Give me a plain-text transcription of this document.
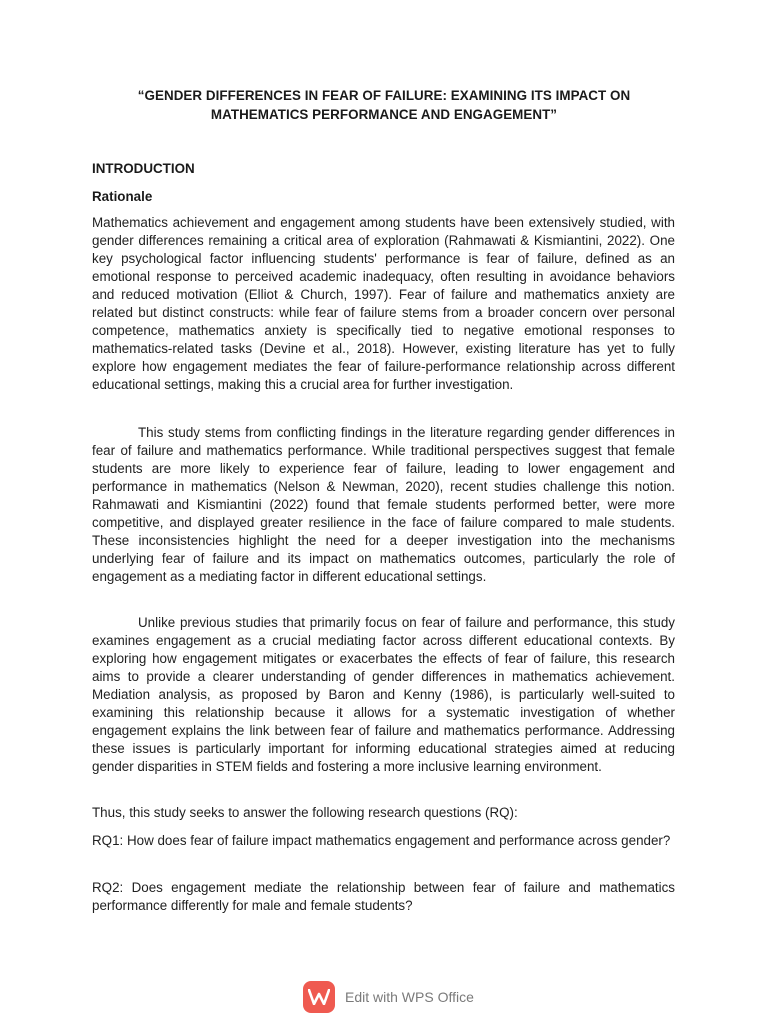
“GENDER DIFFERENCES IN FEAR OF FAILURE: EXAMINING ITS IMPACT ON MATHEMATICS PERFORMANCE AND ENGAGEMENT”
INTRODUCTION
Rationale

Mathematics achievement and engagement among students have been extensively studied, with gender differences remaining a critical area of exploration (Rahmawati & Kismiantini, 2022). One key psychological factor influencing students' performance is fear of failure, defined as an emotional response to perceived academic inadequacy, often resulting in avoidance behaviors and reduced motivation (Elliot & Church, 1997). Fear of failure and mathematics anxiety are related but distinct constructs: while fear of failure stems from a broader concern over personal competence, mathematics anxiety is specifically tied to negative emotional responses to mathematics-related tasks (Devine et al., 2018). However, existing literature has yet to fully explore how engagement mediates the fear of failure-performance relationship across different educational settings, making this a crucial area for further investigation.

This study stems from conflicting findings in the literature regarding gender differences in fear of failure and mathematics performance. While traditional perspectives suggest that female students are more likely to experience fear of failure, leading to lower engagement and performance in mathematics (Nelson & Newman, 2020), recent studies challenge this notion. Rahmawati and Kismiantini (2022) found that female students performed better, were more competitive, and displayed greater resilience in the face of failure compared to male students. These inconsistencies highlight the need for a deeper investigation into the mechanisms underlying fear of failure and its impact on mathematics outcomes, particularly the role of engagement as a mediating factor in different educational settings.

Unlike previous studies that primarily focus on fear of failure and performance, this study examines engagement as a crucial mediating factor across different educational contexts. By exploring how engagement mitigates or exacerbates the effects of fear of failure, this research aims to provide a clearer understanding of gender differences in mathematics achievement. Mediation analysis, as proposed by Baron and Kenny (1986), is particularly well-suited to examining this relationship because it allows for a systematic investigation of whether engagement explains the link between fear of failure and mathematics performance. Addressing these issues is particularly important for informing educational strategies aimed at reducing gender disparities in STEM fields and fostering a more inclusive learning environment.

Thus, this study seeks to answer the following research questions (RQ):

RQ1: How does fear of failure impact mathematics engagement and performance across gender?

RQ2: Does engagement mediate the relationship between fear of failure and mathematics performance differently for male and female students?

Edit with WPS Office
